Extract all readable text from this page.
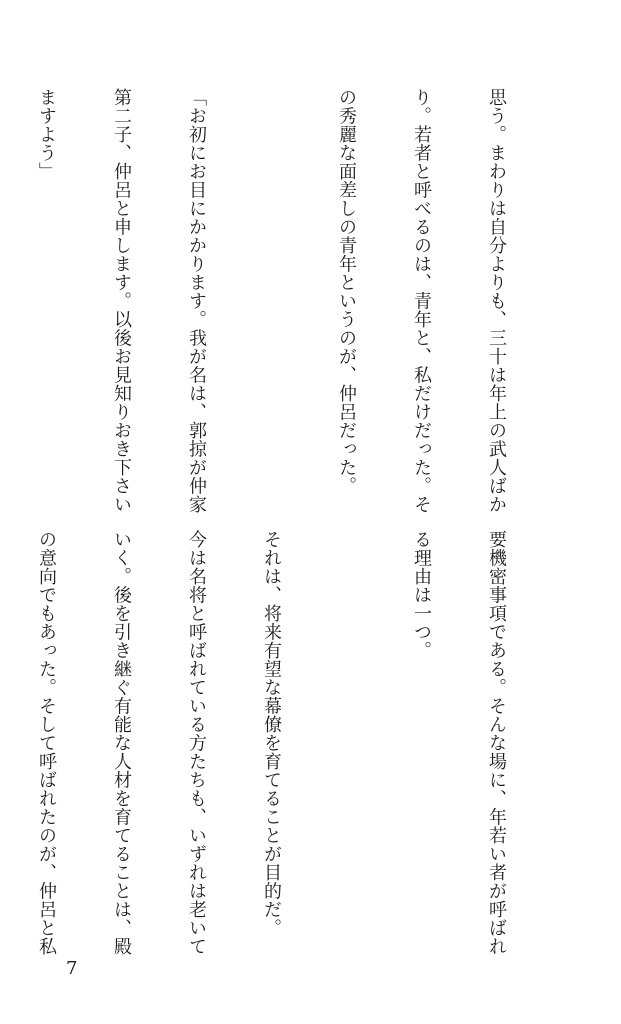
思う。まわりは自分よりも、三十は年上の武人ばか

り。若者と呼べるのは、青年と、私だけだった。そ

の秀麗な面差しの青年というのが、仲呂だった。

「お初にお目にかかります。我が名は、郭掠が仲家

第二子、仲呂と申します。以後お見知りおき下さい

ますよう」

要機密事項である。そんな場に、年若い者が呼ばれ

る理由は一つ。

それは、将来有望な幕僚を育てることが目的だ。

今は名将と呼ばれている方たちも、いずれは老いて

いく。後を引き継ぐ有能な人材を育てることは、殿

の意向でもあった。そして呼ばれたのが、仲呂と私

7
